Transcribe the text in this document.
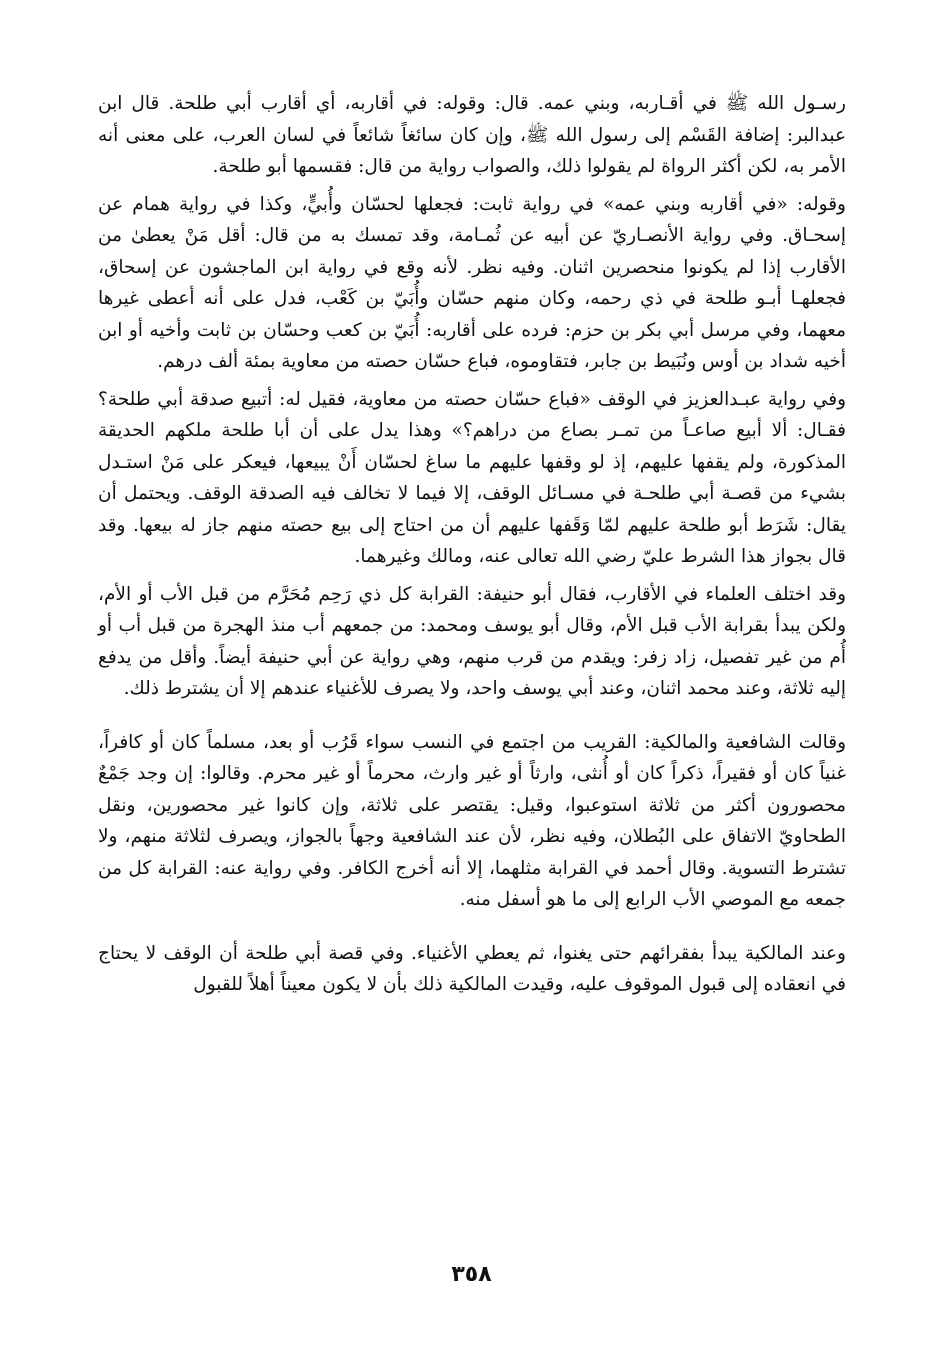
رسـول الله ﷺ في أقـاربه، وبني عمه. قال: وقوله: في أقاربه، أي أقارب أبي طلحة. قال ابن عبدالبر: إضافة القَسْم إلى رسول الله ﷺ، وإن كان سائغاً شائعاً في لسان العرب، على معنى أنه الأمر به، لكن أكثر الرواة لم يقولوا ذلك، والصواب رواية من قال: فقسمها أبو طلحة.

وقوله: «في أقاربه وبني عمه» في رواية ثابت: فجعلها لحسّان وأُبيٍّ، وكذا في رواية همام عن إسحـاق. وفي رواية الأنصـاريّ عن أبيه عن ثُمـامة، وقد تمسك به من قال: أقل مَنْ يعطىٰ من الأقارب إذا لم يكونوا منحصرين اثنان. وفيه نظر. لأنه وقع في رواية ابن الماجشون عن إسحاق، فجعلهـا أبـو طلحة في ذي رحمه، وكان منهم حسّان وأُبَيّ بن كَعْب، فدل على أنه أعطى غيرها معهما، وفي مرسل أبي بكر بن حزم: فرده على أقاربه: أُبَيّ بن كعب وحسّان بن ثابت وأخيه أو ابن أخيه شداد بن أوس ونُبَيط بن جابر، فتقاوموه، فباع حسّان حصته من معاوية بمئة ألف درهم.

وفي رواية عبـدالعزيز في الوقف «فباع حسّان حصته من معاوية، فقيل له: أتبيع صدقة أبي طلحة؟ فقـال: ألا أبيع صاعـاً من تمـر بصاع من دراهم؟» وهذا يدل على أن أبا طلحة ملكهم الحديقة المذكورة، ولم يقفها عليهم، إذ لو وقفها عليهم ما ساغ لحسّان أَنْ يبيعها، فيعكر على مَنْ استـدل بشيء من قصـة أبي طلحـة في مسـائل الوقف، إلا فيما لا تخالف فيه الصدقة الوقف. ويحتمل أن يقال: شَرَط أبو طلحة عليهم لمّا وَقَفها عليهم أن من احتاج إلى بيع حصته منهم جاز له بيعها. وقد قال بجواز هذا الشرط عليّ رضي الله تعالى عنه، ومالك وغيرهما.

وقد اختلف العلماء في الأقارب، فقال أبو حنيفة: القرابة كل ذي رَحِم مُحَرَّم من قبل الأب أو الأم، ولكن يبدأ بقرابة الأب قبل الأم، وقال أبو يوسف ومحمد: من جمعهم أب منذ الهجرة من قبل أب أو أُم من غير تفصيل، زاد زفر: ويقدم من قرب منهم، وهي رواية عن أبي حنيفة أيضاً. وأقل من يدفع إليه ثلاثة، وعند محمد اثنان، وعند أبي يوسف واحد، ولا يصرف للأغنياء عندهم إلا أن يشترط ذلك.

وقالت الشافعية والمالكية: القريب من اجتمع في النسب سواء قَرُب أو بعد، مسلماً كان أو كافراً، غنياً كان أو فقيراً، ذكراً كان أو أُنثى، وارثاً أو غير وارث، محرماً أو غير محرم. وقالوا: إن وجد جَمْعٌ محصورون أكثر من ثلاثة استوعبوا، وقيل: يقتصر على ثلاثة، وإن كانوا غير محصورين، ونقل الطحاويّ الاتفاق على البُطلان، وفيه نظر، لأن عند الشافعية وجهاً بالجواز، ويصرف لثلاثة منهم، ولا تشترط التسوية. وقال أحمد في القرابة مثلهما، إلا أنه أخرج الكافر. وفي رواية عنه: القرابة كل من جمعه مع الموصي الأب الرابع إلى ما هو أسفل منه.

وعند المالكية يبدأ بفقرائهم حتى يغنوا، ثم يعطي الأغنياء. وفي قصة أبي طلحة أن الوقف لا يحتاج في انعقاده إلى قبول الموقوف عليه، وقيدت المالكية ذلك بأن لا يكون معيناً أهلاً للقبول

٣٥٨
